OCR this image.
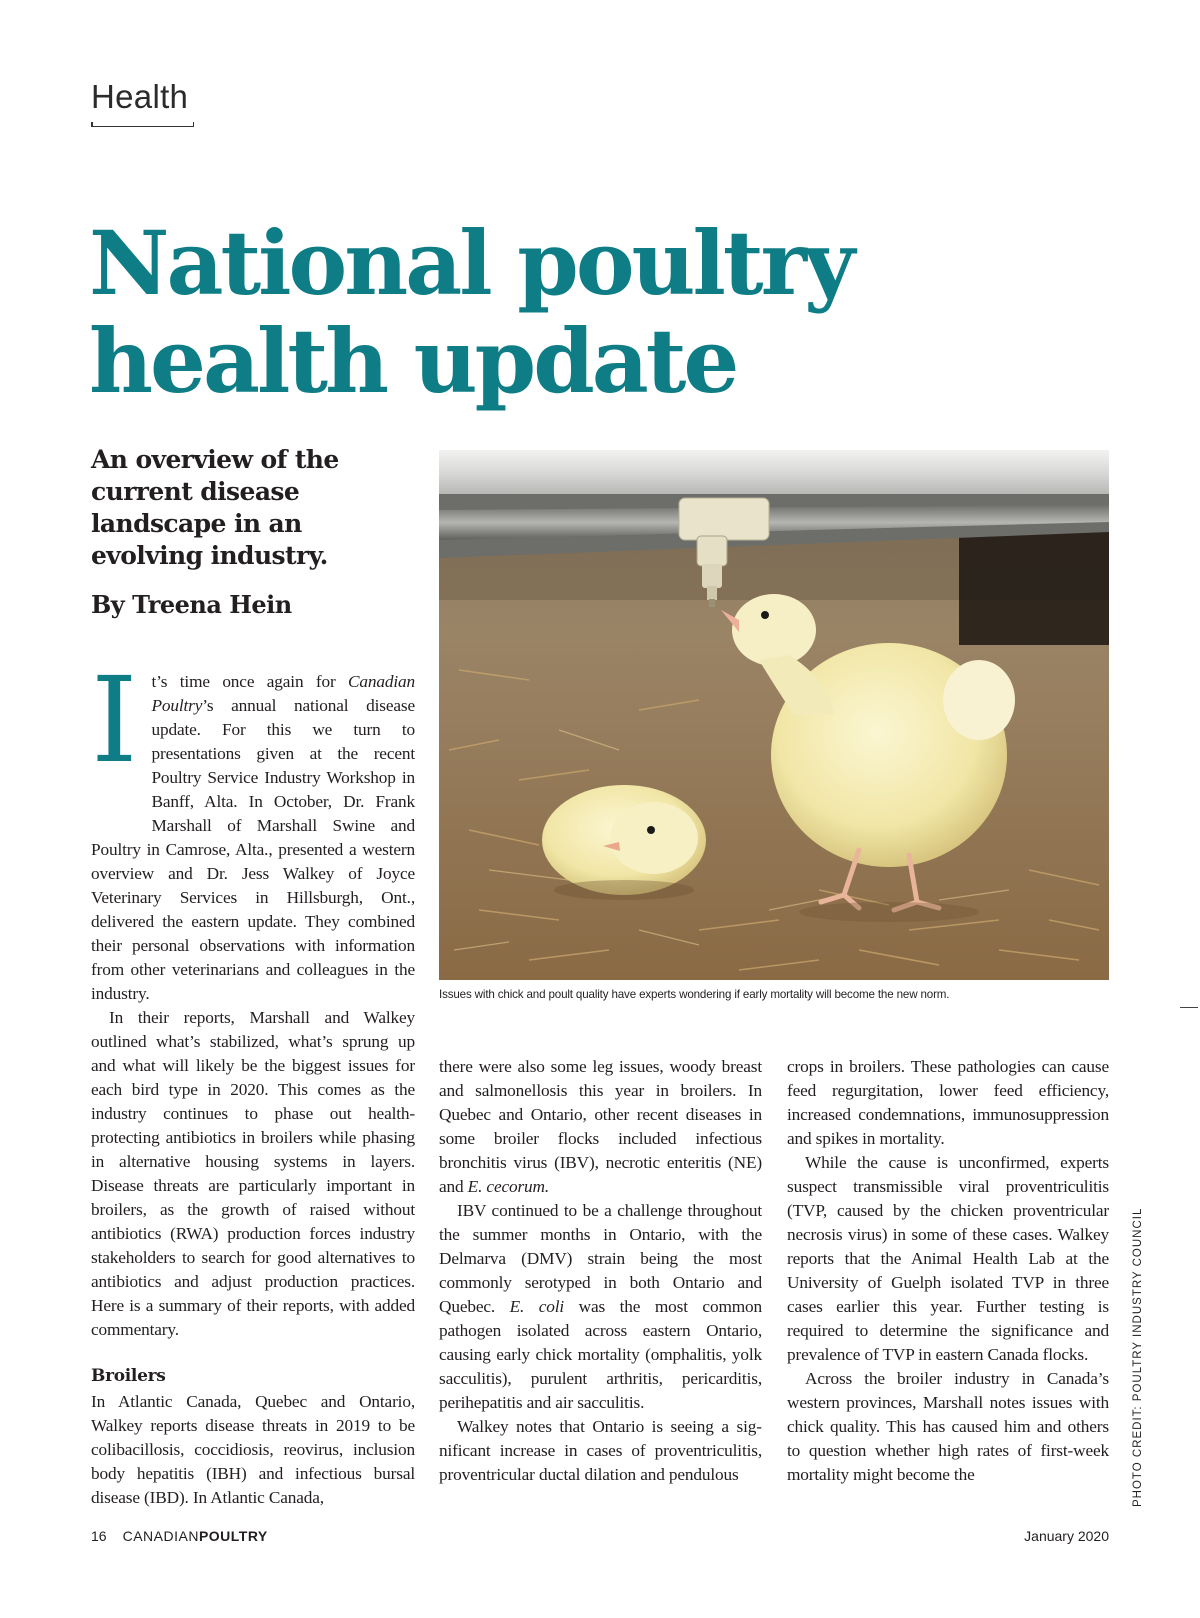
Health
National poultry
health update

An overview of the current disease landscape in an evolving industry.

By Treena Hein

Issues with chick and poult quality have experts wondering if early mortality will become the new norm.

It’s time once again for Canadian Poultry’s annual national disease update. For this we turn to presentations given at the recent Poultry Service Industry Workshop in Banff, Alta. In October, Dr. Frank Marshall of Marshall Swine and Poultry in Camrose, Alta., presented a western overview and Dr. Jess Walkey of Joyce Veterinary Services in Hillsburgh, Ont., delivered the eastern update. They combined their personal observations with information from other veterinarians and colleagues in the industry.

In their reports, Marshall and Walkey outlined what’s stabilized, what’s sprung up and what will likely be the biggest issues for each bird type in 2020. This comes as the industry continues to phase out health-protecting antibiotics in broilers while phasing in alternative housing systems in layers. Disease threats are particularly important in broilers, as the growth of raised without antibiotics (RWA) production forces industry stakeholders to search for good alternatives to antibiotics and adjust production practices. Here is a summary of their reports, with added commentary.

Broilers

In Atlantic Canada, Quebec and Ontario, Walkey reports disease threats in 2019 to be colibacillosis, coccidiosis, reovirus, inclusion body hepatitis (IBH) and infectious bursal disease (IBD). In Atlantic Canada,

there were also some leg issues, woody breast and salmonellosis this year in broilers. In Quebec and Ontario, other recent diseases in some broiler flocks included infectious bronchitis virus (IBV), necrotic enteritis (NE) and E. cecorum.

IBV continued to be a challenge throughout the summer months in Ontario, with the Delmarva (DMV) strain being the most commonly serotyped in both Ontario and Quebec. E. coli was the most common pathogen isolated across eastern Ontario, causing early chick mortality (omphalitis, yolk sacculitis), purulent arthritis, pericarditis, perihepatitis and air sacculitis.

Walkey notes that Ontario is seeing a significant increase in cases of proventriculitis, proventricular ductal dilation and pendulous

crops in broilers. These pathologies can cause feed regurgitation, lower feed efficiency, increased condemnations, immunosuppression and spikes in mortality.

While the cause is unconfirmed, experts suspect transmissible viral proventriculitis (TVP, caused by the chicken proventricular necrosis virus) in some of these cases. Walkey reports that the Animal Health Lab at the University of Guelph isolated TVP in three cases earlier this year. Further testing is required to determine the significance and prevalence of TVP in eastern Canada flocks.

Across the broiler industry in Canada’s western provinces, Marshall notes issues with chick quality. This has caused him and others to question whether high rates of first-week mortality might become the	PHOTO CREDIT: POULTRY INDUSTRY COUNCIL
16 CANADIANPOULTRY	January 2020
